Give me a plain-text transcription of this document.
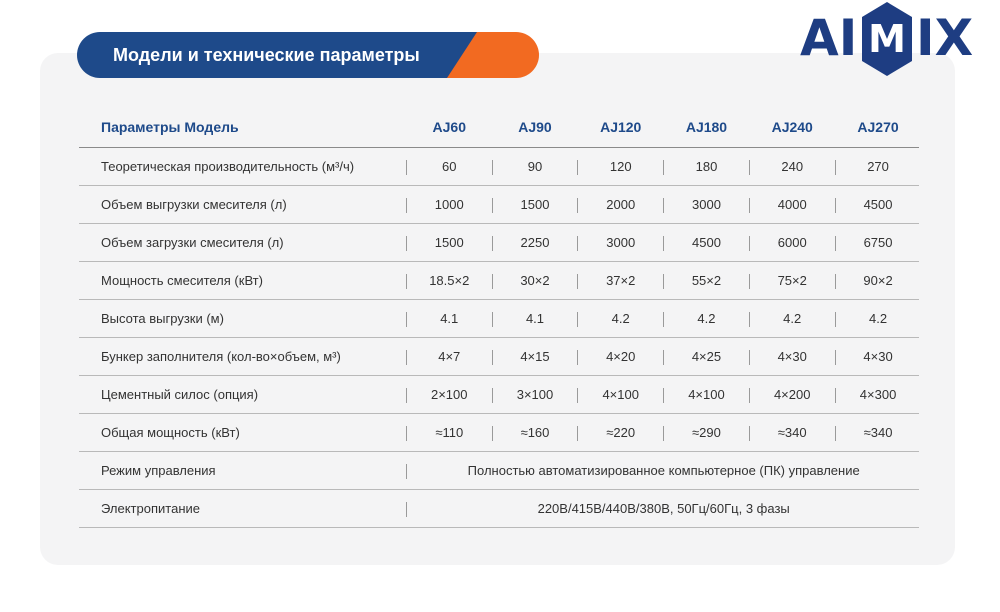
Модели и технические параметры	AI M IX
Параметры Модель		AJ60		AJ90		AJ120		AJ180		AJ240		AJ270
Теоретическая производительность (м³/ч)		60		90		120		180		240		270
Объем выгрузки смесителя (л)		1000		1500		2000		3000		4000		4500
Объем загрузки смесителя (л)		1500		2250		3000		4500		6000		6750
Мощность смесителя (кВт)		18.5×2		30×2		37×2		55×2		75×2		90×2
Высота выгрузки (м)		4.1		4.1		4.2		4.2		4.2		4.2
Бункер заполнителя (кол-во×объем, м³)		4×7		4×15		4×20		4×25		4×30		4×30
Цементный силос (опция)		2×100		3×100		4×100		4×100		4×200		4×300
Общая мощность (кВт)		≈110		≈160		≈220		≈290		≈340		≈340
Режим управления		Полностью автоматизированное компьютерное (ПК) управление										
Электропитание		220В/415В/440В/380В, 50Гц/60Гц, 3 фазы										
